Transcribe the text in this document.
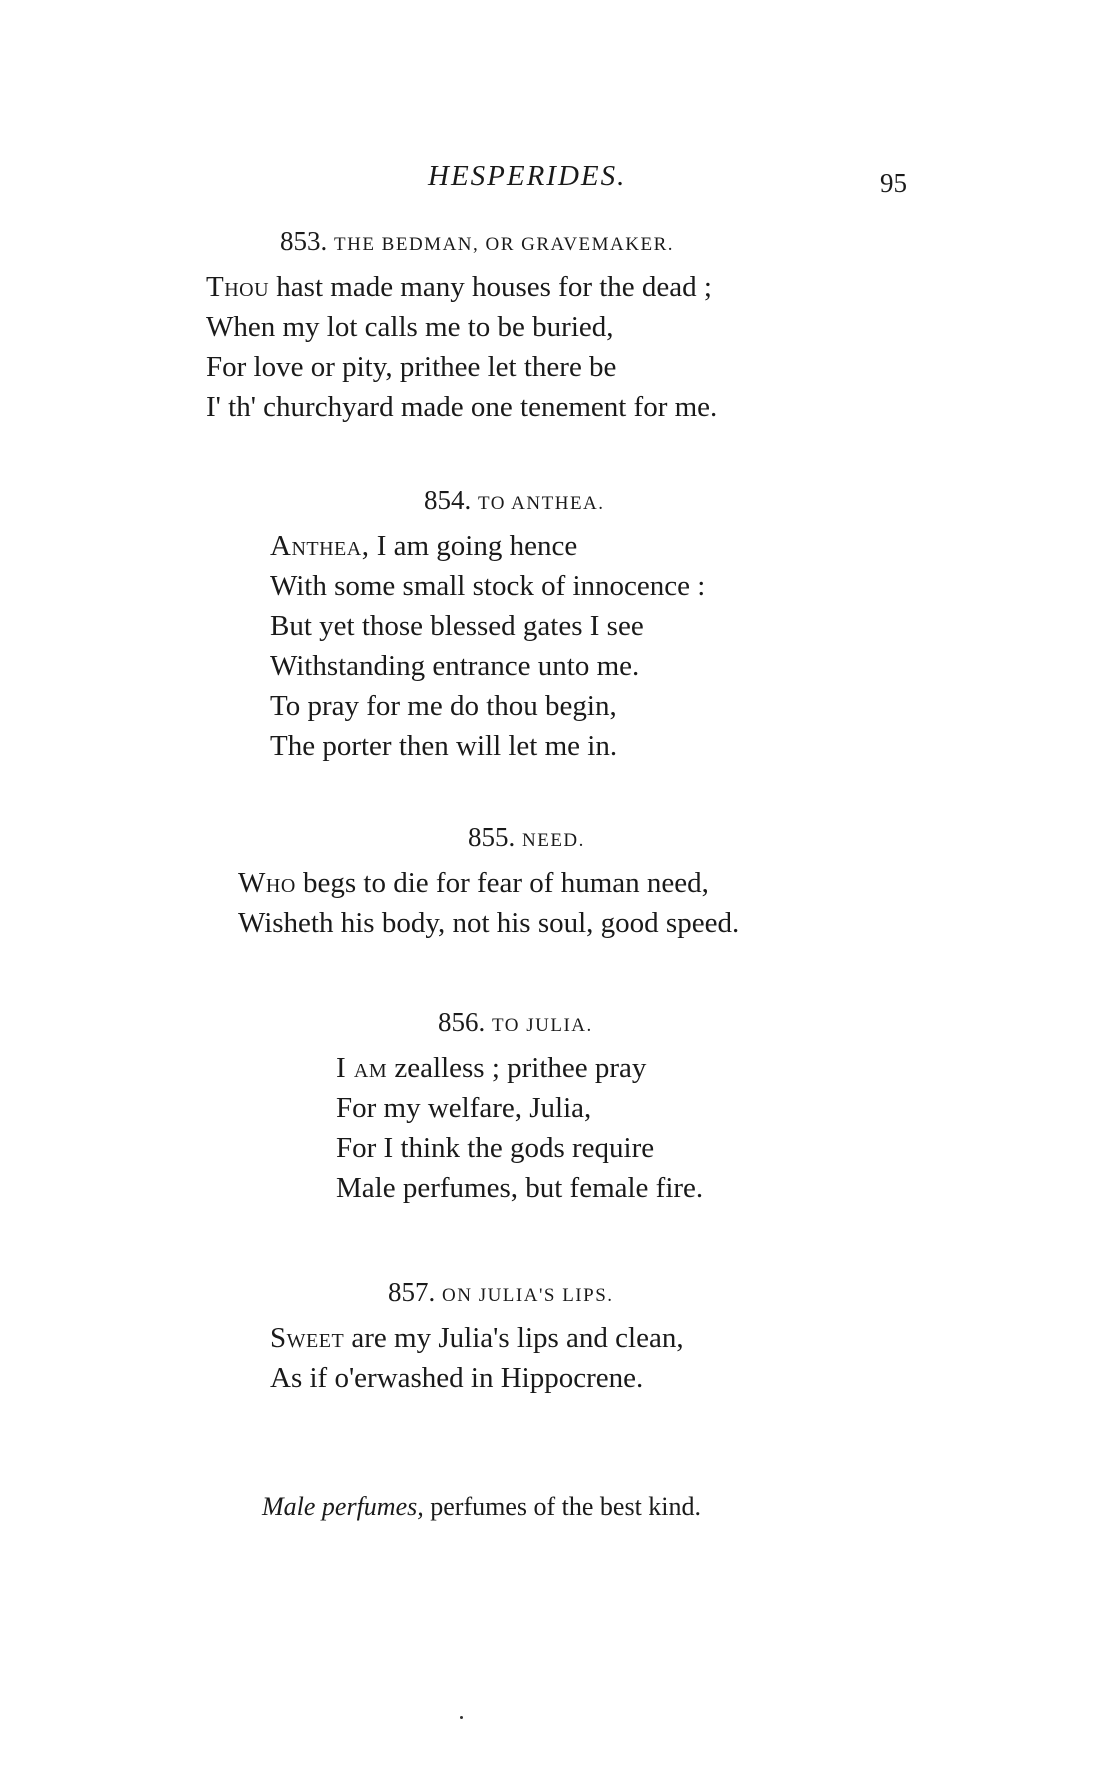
HESPERIDES.	95
853. THE BEDMAN, OR GRAVEMAKER.
Thou hast made many houses for the dead ;
When my lot calls me to be buried,
For love or pity, prithee let there be
I' th' churchyard made one tenement for me.
854. TO ANTHEA.
Anthea, I am going hence
With some small stock of innocence :
But yet those blessed gates I see
Withstanding entrance unto me.
To pray for me do thou begin,
The porter then will let me in.
855. NEED.
Who begs to die for fear of human need,
Wisheth his body, not his soul, good speed.
856. TO JULIA.
I am zealless ; prithee pray
For my welfare, Julia,
For I think the gods require
Male perfumes, but female fire.
857. ON JULIA'S LIPS.
Sweet are my Julia's lips and clean,
As if o'erwashed in Hippocrene.
Male perfumes, perfumes of the best kind.
